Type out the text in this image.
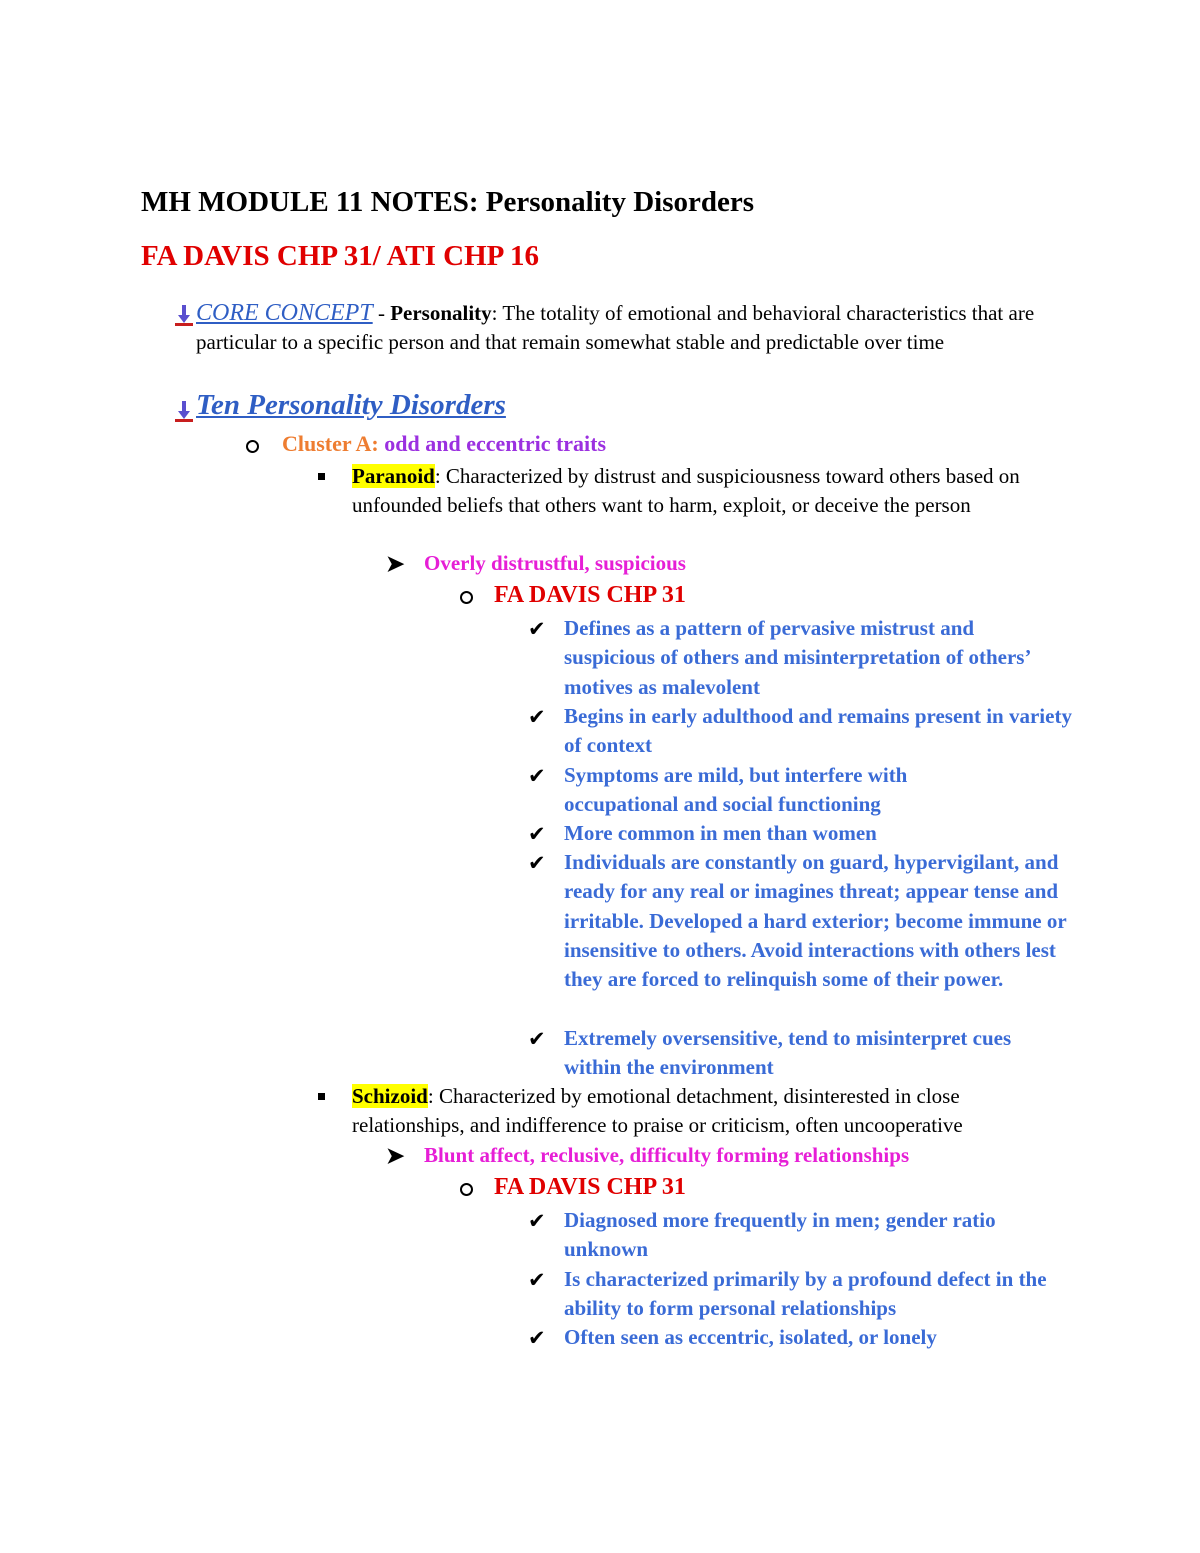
MH MODULE 11 NOTES: Personality Disorders
FA DAVIS CHP 31/ ATI CHP 16
CORE CONCEPT - Personality: The totality of emotional and behavioral characteristics that are particular to a specific person and that remain somewhat stable and predictable over time
Ten Personality Disorders
Cluster A: odd and eccentric traits
Paranoid: Characterized by distrust and suspiciousness toward others based on unfounded beliefs that others want to harm, exploit, or deceive the person
➤ Overly distrustful, suspicious
FA DAVIS CHP 31
✔ Defines as a pattern of pervasive mistrust and suspicious of others and misinterpretation of others’ motives as malevolent
✔ Begins in early adulthood and remains present in variety of context
✔ Symptoms are mild, but interfere with occupational and social functioning
✔ More common in men than women
✔ Individuals are constantly on guard, hypervigilant, and ready for any real or imagines threat; appear tense and irritable. Developed a hard exterior; become immune or insensitive to others. Avoid interactions with others lest they are forced to relinquish some of their power.
✔ Extremely oversensitive, tend to misinterpret cues within the environment
Schizoid: Characterized by emotional detachment, disinterested in close relationships, and indifference to praise or criticism, often uncooperative
➤ Blunt affect, reclusive, difficulty forming relationships
FA DAVIS CHP 31
✔ Diagnosed more frequently in men; gender ratio unknown
✔ Is characterized primarily by a profound defect in the ability to form personal relationships
✔ Often seen as eccentric, isolated, or lonely
